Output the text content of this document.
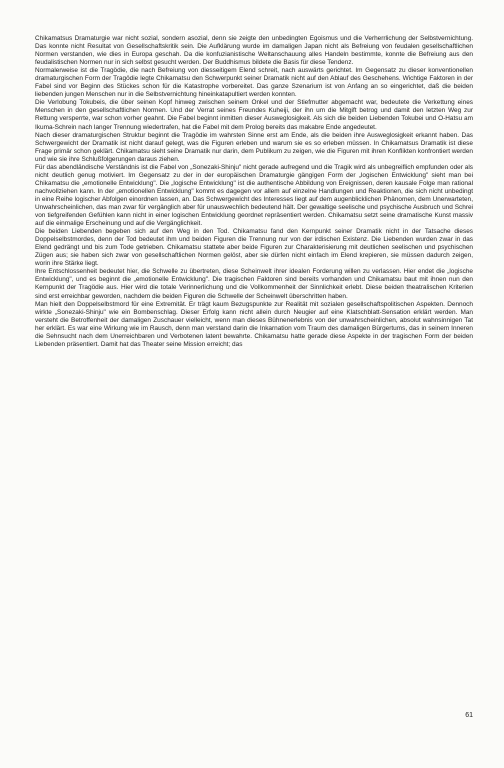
Chikamatsus Dramaturgie war nicht sozial, sondern asozial, denn sie zeigte den unbedingten Egoismus und die Verherrlichung der Selbstvernichtung. Das konnte nicht Resultat von Gesellschaftskritik sein. Die Aufklärung wurde im damaligen Japan nicht als Befreiung von feudalen gesellschaftlichen Normen verstanden, wie dies in Europa geschah. Da die konfuzianistische Weltanschauung alles Handeln bestimmte, konnte die Befreiung aus den feudalistischen Normen nur in sich selbst gesucht werden. Der Buddhismus bildete die Basis für diese Tendenz.

Normalerweise ist die Tragödie, die nach Befreiung von diesseitigem Elend schreit, nach auswärts gerichtet. Im Gegensatz zu dieser konventionellen dramaturgischen Form der Tragödie legte Chikamatsu den Schwerpunkt seiner Dramatik nicht auf den Ablauf des Geschehens. Wichtige Faktoren in der Fabel sind vor Beginn des Stückes schon für die Katastrophe vorbereitet. Das ganze Szenarium ist von Anfang an so eingerichtet, daß die beiden liebenden jungen Menschen nur in die Selbstvernichtung hineinkatapultiert werden konnten.

Die Verlobung Tokubeis, die über seinen Kopf hinweg zwischen seinem Onkel und der Stiefmutter abgemacht war, bedeutete die Verkettung eines Menschen in den gesellschaftlichen Normen. Und der Verrat seines Freundes Kuheiji, der ihn um die Mitgift betrog und damit den letzten Weg zur Rettung versperrte, war schon vorher geahnt. Die Fabel beginnt inmitten dieser Ausweglosigkeit. Als sich die beiden Liebenden Tokubei und O-Hatsu am Ikuma-Schrein nach langer Trennung wiedertrafen, hat die Fabel mit dem Prolog bereits das makabre Ende angedeutet.

Nach dieser dramaturgischen Struktur beginnt die Tragödie im wahrsten Sinne erst am Ende, als die beiden ihre Ausweglosigkeit erkannt haben. Das Schwergewicht der Dramatik ist nicht darauf gelegt, was die Figuren erleben und warum sie es so erleben müssen. In Chikamatsus Dramatik ist diese Frage primär schon geklärt. Chikamatsu sieht seine Dramatik nur darin, dem Publikum zu zeigen, wie die Figuren mit ihren Konflikten konfrontiert werden und wie sie ihre Schlußfolgerungen daraus ziehen.

Für das abendländische Verständnis ist die Fabel von „Sonezaki-Shinju" nicht gerade aufregend und die Tragik wird als unbegreiflich empfunden oder als nicht deutlich genug motiviert. Im Gegensatz zu der in der europäischen Dramaturgie gängigen Form der „logischen Entwicklung" sieht man bei Chikamatsu die „emotionelle Entwicklung". Die „logische Entwicklung" ist die authentische Abbildung von Ereignissen, deren kausale Folge man rational nachvollziehen kann. In der „emotionellen Entwicklung" kommt es dagegen vor allem auf einzelne Handlungen und Reaktionen, die sich nicht unbedingt in eine Reihe logischer Abfolgen einordnen lassen, an. Das Schwergewicht des Interesses liegt auf dem augenblicklichen Phänomen, dem Unerwarteten, Unwahrscheinlichen, das man zwar für vergänglich aber für unauswechlich bedeutend hält. Der gewaltige seelische und psychische Ausbruch und Schrei von tiefgreifenden Gefühlen kann nicht in einer logischen Entwicklung geordnet repräsentiert werden. Chikamatsu setzt seine dramatische Kunst massiv auf die einmalige Erscheinung und auf die Vergänglichkeit.

Die beiden Liebenden begeben sich auf den Weg in den Tod. Chikamatsu fand den Kernpunkt seiner Dramatik nicht in der Tatsache dieses Doppelselbstmordes, denn der Tod bedeutet ihm und beiden Figuren die Trennung nur von der irdischen Existenz. Die Liebenden wurden zwar in das Elend gedrängt und bis zum Tode getrieben. Chikamatsu stattete aber beide Figuren zur Charakterisierung mit deutlichen seelischen und psychischen Zügen aus; sie haben sich zwar von gesellschaftlichen Normen gelöst, aber sie dürfen nicht einfach im Elend krepieren, sie müssen dadurch zeigen, worin ihre Stärke liegt.

Ihre Entschlossenheit bedeutet hier, die Schwelle zu übertreten, diese Scheinwelt ihrer idealen Forderung willen zu verlassen. Hier endet die „logische Entwicklung", und es beginnt die „emotionelle Entwicklung". Die tragischen Faktoren sind bereits vorhanden und Chikamatsu baut mit ihnen nun den Kernpunkt der Tragödie aus. Hier wird die totale Verinnerlichung und die Vollkommenheit der Sinnlichkeit erlebt. Diese beiden theatralischen Kriterien sind erst erreichbar geworden, nachdem die beiden Figuren die Schwelle der Scheinwelt überschritten haben.

Man hielt den Doppelselbstmord für eine Extremität. Er trägt kaum Bezugspunkte zur Realität mit sozialen gesellschaftspolitischen Aspekten. Dennoch wirkte „Sonezaki-Shinju" wie ein Bombenschlag. Dieser Erfolg kann nicht allein durch Neugier auf eine Klatschblatt-Sensation erklärt werden. Man versteht die Betroffenheit der damaligen Zuschauer vielleicht, wenn man dieses Bühnenerlebnis von der unwahrscheinlichen, absolut wahnsinnigen Tat her erklärt. Es war eine Wirkung wie im Rausch, denn man verstand darin die Inkarnation vom Traum des damaligen Bürgertums, das in seinem Inneren die Sehnsucht nach dem Unerreichbaren und Verbotenen latent bewahrte. Chikamatsu hatte gerade diese Aspekte in der tragischen Form der beiden Liebenden präsentiert. Damit hat das Theater seine Mission erreicht; das

61
